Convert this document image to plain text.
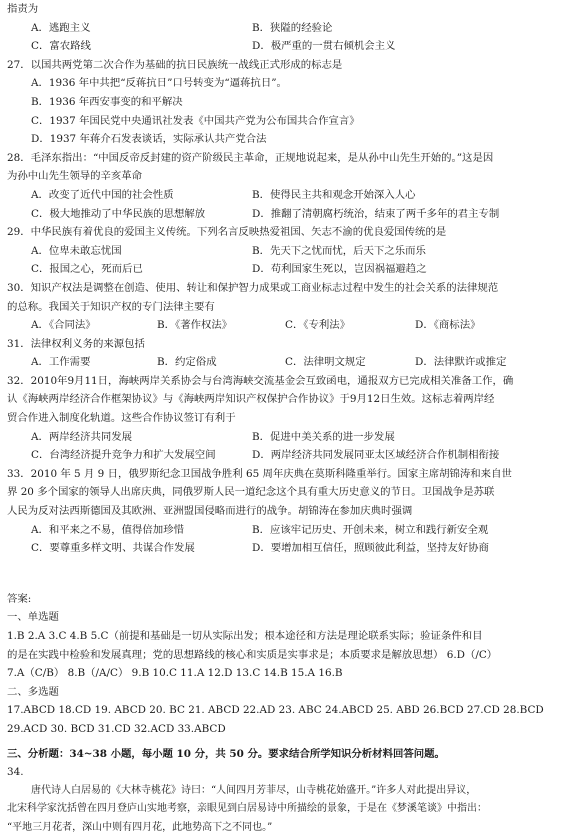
指责为
A．逃跑主义	B．狭隘的经验论
C．富农路线	D．极严重的一贯右倾机会主义
27．以国共两党第二次合作为基础的抗日民族统一战线正式形成的标志是
A．1936 年中共把“反蒋抗日”口号转变为“逼蒋抗日”。
B．1936 年西安事变的和平解决
C．1937 年国民党中央通讯社发表《中国共产党为公布国共合作宣言》
D．1937 年蒋介石发表谈话，实际承认共产党合法
28．毛泽东指出：“中国反帝反封建的资产阶级民主革命，正规地说起来，是从孙中山先生开始的。”这是因
为孙中山先生领导的辛亥革命
A．改变了近代中国的社会性质	B．使得民主共和观念开始深入人心
C．极大地推动了中华民族的思想解放	D．推翻了清朝腐朽统治，结束了两千多年的君主专制
29．中华民族有着优良的爱国主义传统。下列名言反映热爱祖国、矢志不渝的优良爱国传统的是
A．位卑未敢忘忧国	B．先天下之忧而忧，后天下之乐而乐
C．报国之心，死而后已	D．苟利国家生死以，岂因祸福避趋之
30．知识产权法是调整在创造、使用、转让和保护智力成果或工商业标志过程中发生的社会关系的法律规范
的总称。我国关于知识产权的专门法律主要有
A．《合同法》	B．《著作权法》	C．《专利法》	D．《商标法》
31．法律权利义务的来源包括
A．工作需要	B．约定俗成	C．法律明文规定	D．法律默许或推定
32．2010年9月11日，海峡两岸关系协会与台湾海峡交流基金会互致函电，通报双方已完成相关准备工作，确
认《海峡两岸经济合作框架协议》与《海峡两岸知识产权保护合作协议》于9月12日生效。这标志着两岸经
贸合作进入制度化轨道。这些合作协议签订有利于
A．两岸经济共同发展	B．促进中美关系的进一步发展
C．台湾经济提升竞争力和扩大发展空间	D．两岸经济共同发展同亚太区域经济合作机制相衔接
33．2010 年 5 月 9 日，俄罗斯纪念卫国战争胜利 65 周年庆典在莫斯科隆重举行。国家主席胡锦涛和来自世
界 20 多个国家的领导人出席庆典，同俄罗斯人民一道纪念这个具有重大历史意义的节日。卫国战争是苏联
人民为反对法西斯德国及其欧洲、亚洲盟国侵略而进行的战争。胡锦涛在参加庆典时强调
A．和平来之不易，值得倍加珍惜	B．应该牢记历史、开创未来，树立和践行新安全观
C．要尊重多样文明、共谋合作发展	D．要增加相互信任，照顾彼此利益，坚持友好协商
答案:
一、单选题
1.B 2.A 3.C 4.B 5.C（前提和基础是一切从实际出发；根本途径和方法是理论联系实际；验证条件和目
的是在实践中检验和发展真理；党的思想路线的核心和实质是实事求是；本质要求是解放思想） 6.D（/C）
7.A（C/B） 8.B（/A/C） 9.B 10.C 11.A 12.D 13.C 14.B 15.A 16.B
二、多选题
17.ABCD 18.CD 19. ABCD 20. BC 21. ABCD 22.AD 23. ABC 24.ABCD 25. ABD 26.BCD 27.CD 28.BCD
29.ACD 30. BCD 31.CD 32.ACD 33.ABCD
三、分析题：34~38 小题，每小题 10 分，共 50 分。要求结合所学知识分析材料回答问题。
34.
唐代诗人白居易的《大林寺桃花》诗曰：“人间四月芳菲尽，山寺桃花始盛开。”许多人对此提出异议，
北宋科学家沈括曾在四月登庐山实地考察，亲眼见到白居易诗中所描绘的景象，于是在《梦溪笔谈》中指出：
“平地三月花者，深山中则有四月花，此地势高下之不同也。”
